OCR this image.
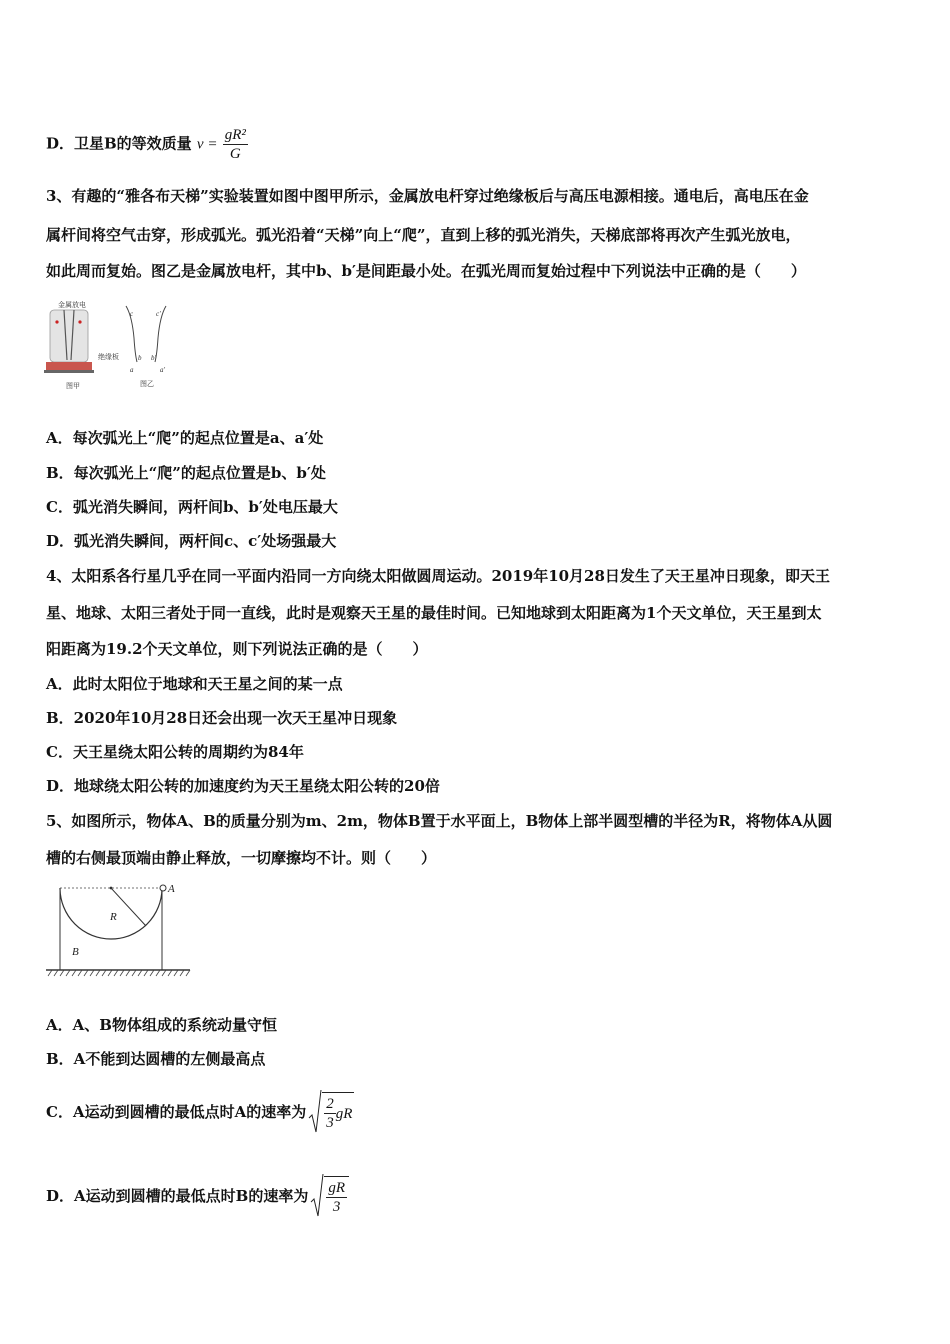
D．卫星B的等效质量 $v = \frac{\text{gR²}}{G}$
3、有趣的“雅各布天梯”实验装置如图中图甲所示，金属放电杆穿过绝缘板后与高压电源相接。通电后，高电压在金
属杆间将空气击穿，形成弧光。弧光沿着“天梯”向上“爬”，直到上移的弧光消失，天梯底部将再次产生弧光放电，
如此周而复始。图乙是金属放电杆，其中b、b′是间距最小处。在弧光周而复始过程中下列说法中正确的是（　　）
金属放电
绝缘板
图甲
c	c′
b b′
a	a′
图乙
A．每次弧光上“爬”的起点位置是a、a′处
B．每次弧光上“爬”的起点位置是b、b′处
C．弧光消失瞬间，两杆间b、b′处电压最大
D．弧光消失瞬间，两杆间c、c′处场强最大
4、太阳系各行星几乎在同一平面内沿同一方向绕太阳做圆周运动。2019年10月28日发生了天王星冲日现象，即天王
星、地球、太阳三者处于同一直线，此时是观察天王星的最佳时间。已知地球到太阳距离为1个天文单位，天王星到太
阳距离为19.2个天文单位，则下列说法正确的是（　　）
A．此时太阳位于地球和天王星之间的某一点
B．2020年10月28日还会出现一次天王星冲日现象
C．天王星绕太阳公转的周期约为84年
D．地球绕太阳公转的加速度约为天王星绕太阳公转的20倍
5、如图所示，物体A、B的质量分别为m、2m，物体B置于水平面上，B物体上部半圆型槽的半径为R，将物体A从圆
槽的右侧最顶端由静止释放，一切摩擦均不计。则（　　）
A
R
B
A．A、B物体组成的系统动量守恒
B．A不能到达圆槽的左侧最高点
C．A运动到圆槽的最低点时A的速率为 $\frac{2}{3}$ gR
D．A运动到圆槽的最低点时B的速率为 $\frac{gR}{3}$
